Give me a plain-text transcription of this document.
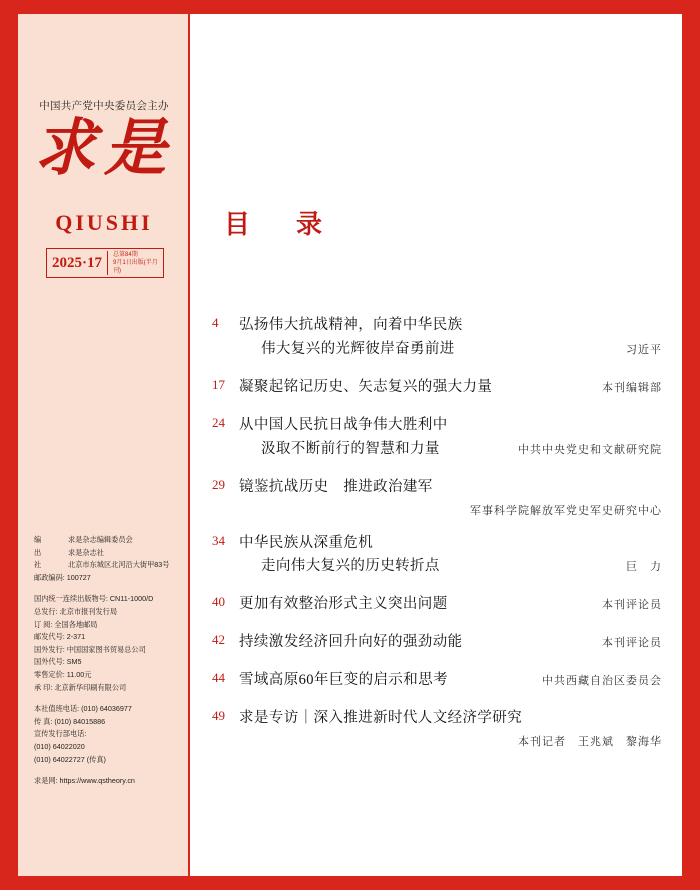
中国共产党中央委员会主办
求是
QIUSHI
2025·17	总第84期
9月1日出版(半月刊)
编	求是杂志编辑委员会
出	求是杂志社
社	北京市东城区北河沿大街甲83号
邮政编码: 100727
国内统一连续出版物号: CN11-1000/D
总发行: 北京市报刊发行局
订 阅: 全国各地邮局
邮发代号: 2-371
国外发行: 中国国家图书贸易总公司
国外代号: SM5
零售定价: 11.00元
承 印: 北京新华印刷有限公司
本社值班电话: (010) 64036977
传 真: (010) 84015886
宣传发行部电话:
(010) 64022020
(010) 64022727 (传真)
求是网: https://www.qstheory.cn
目　录
4	弘扬伟大抗战精神，向着中华民族
伟大复兴的光辉彼岸奋勇前进	习近平
17 凝聚起铭记历史、矢志复兴的强大力量	本刊编辑部
24 从中国人民抗日战争伟大胜利中
汲取不断前行的智慧和力量	中共中央党史和文献研究院
29 镜鉴抗战历史　推进政治建军
军事科学院解放军党史军史研究中心
34 中华民族从深重危机
走向伟大复兴的历史转折点	巨　力
40 更加有效整治形式主义突出问题	本刊评论员
42 持续激发经济回升向好的强劲动能	本刊评论员
44 雪域高原60年巨变的启示和思考	中共西藏自治区委员会
49 求是专访｜深入推进新时代人文经济学研究
本刊记者　王兆斌　黎海华
